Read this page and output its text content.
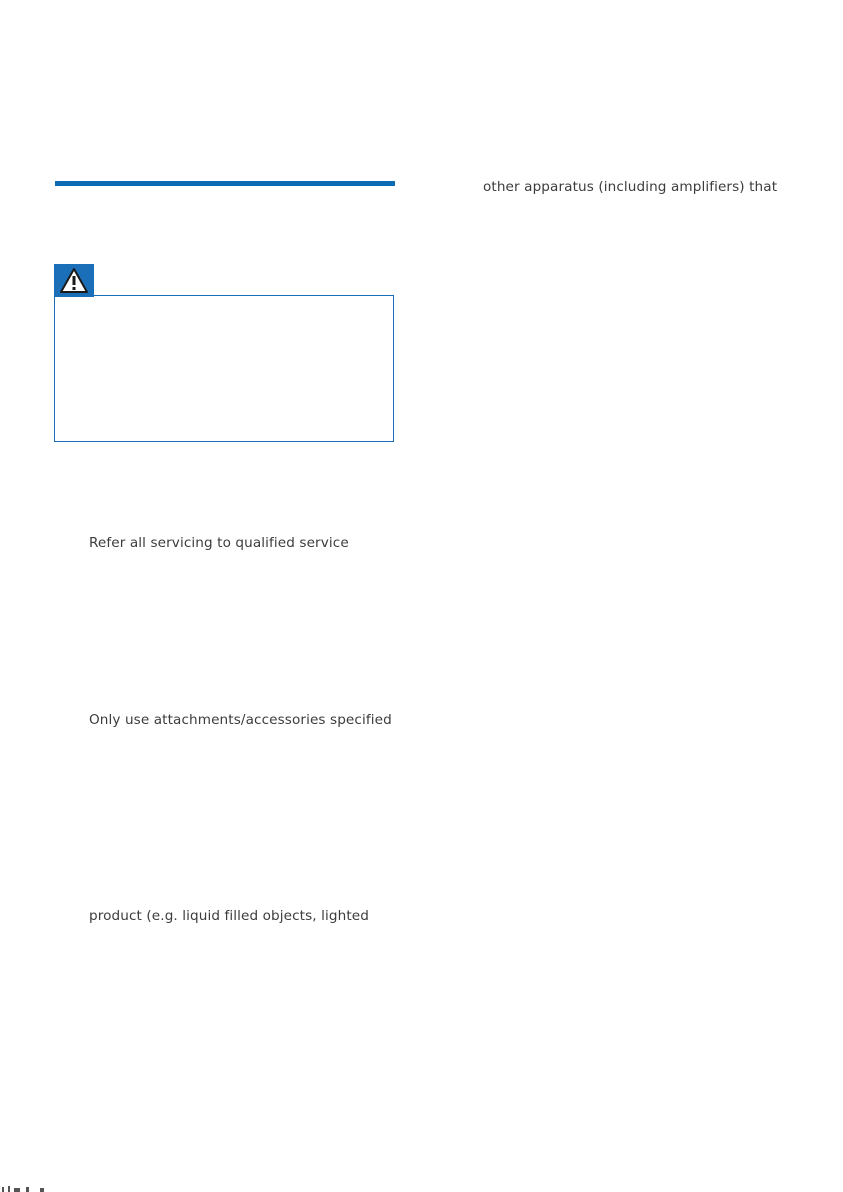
Refer all servicing to qualified service
Only use attachments/accessories specified
product (e.g. liquid filled objects, lighted
other apparatus (including amplifiers) that
